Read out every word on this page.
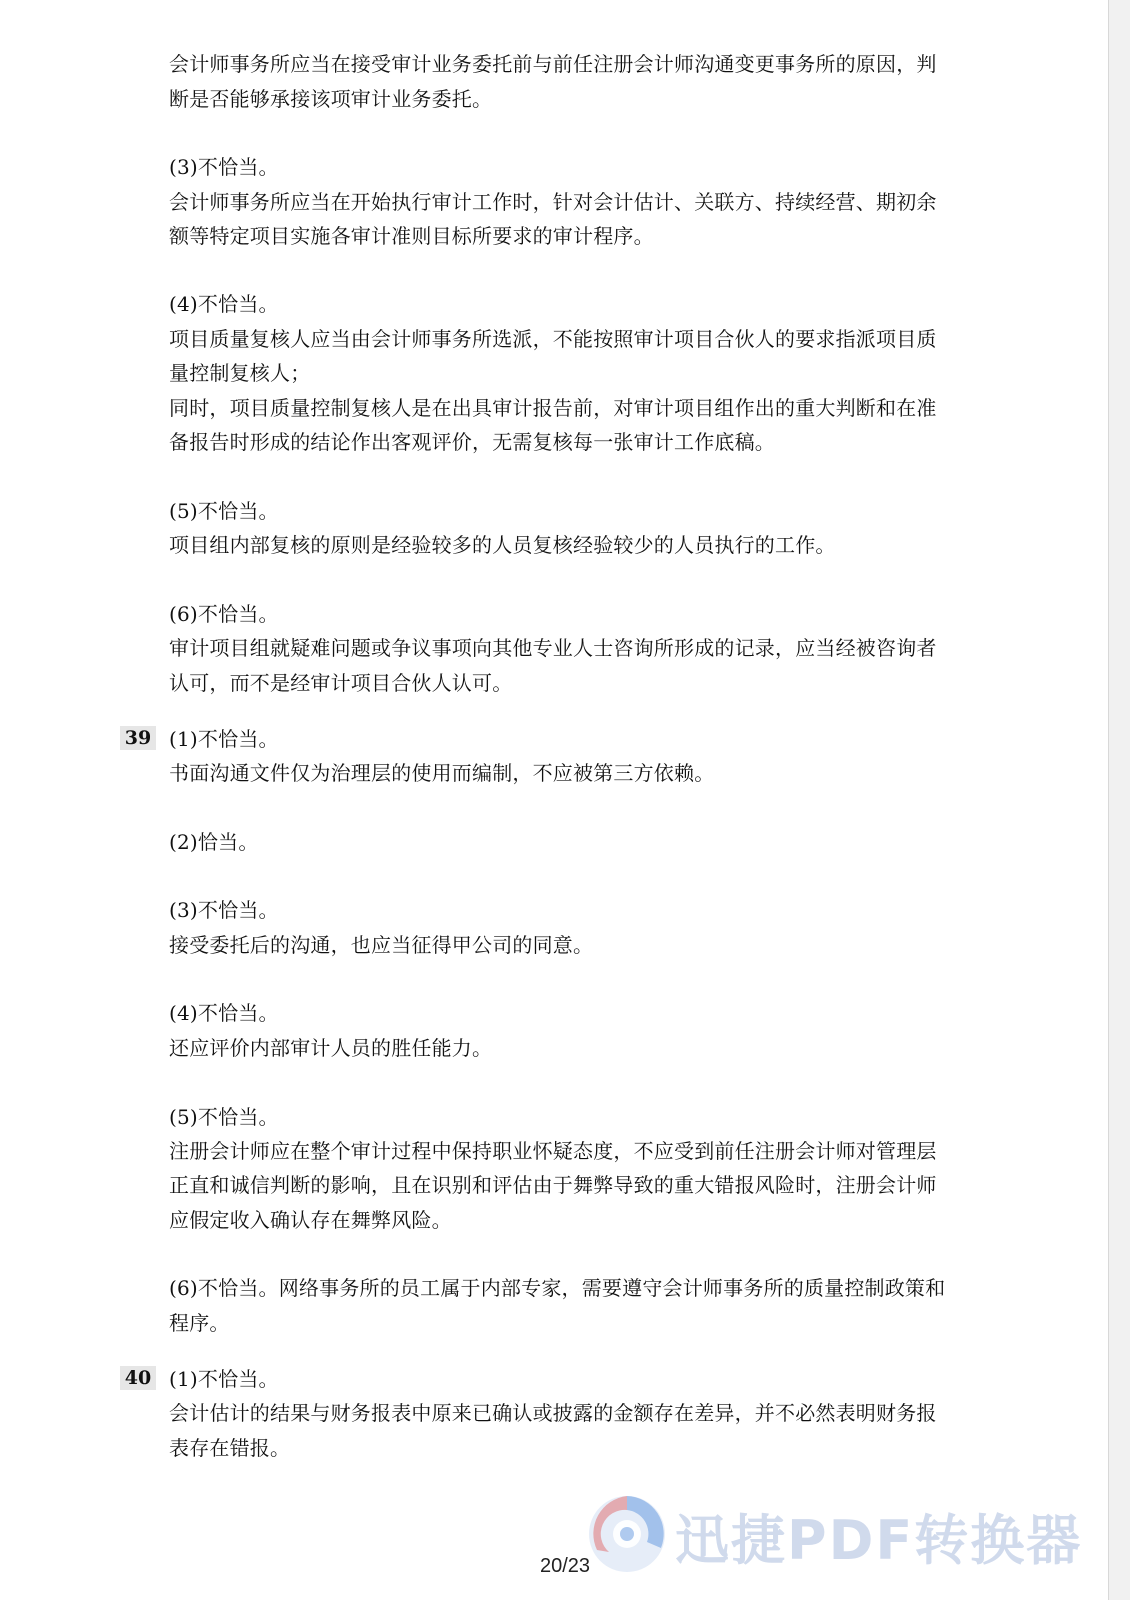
会计师事务所应当在接受审计业务委托前与前任注册会计师沟通变更事务所的原因，判
断是否能够承接该项审计业务委托。
(3)不恰当。
会计师事务所应当在开始执行审计工作时，针对会计估计、关联方、持续经营、期初余
额等特定项目实施各审计准则目标所要求的审计程序。
(4)不恰当。
项目质量复核人应当由会计师事务所选派，不能按照审计项目合伙人的要求指派项目质
量控制复核人；
同时，项目质量控制复核人是在出具审计报告前，对审计项目组作出的重大判断和在准
备报告时形成的结论作出客观评价，无需复核每一张审计工作底稿。
(5)不恰当。
项目组内部复核的原则是经验较多的人员复核经验较少的人员执行的工作。
(6)不恰当。
审计项目组就疑难问题或争议事项向其他专业人士咨询所形成的记录，应当经被咨询者
认可，而不是经审计项目合伙人认可。
39 (1)不恰当。
书面沟通文件仅为治理层的使用而编制，不应被第三方依赖。
(2)恰当。
(3)不恰当。
接受委托后的沟通，也应当征得甲公司的同意。
(4)不恰当。
还应评价内部审计人员的胜任能力。
(5)不恰当。
注册会计师应在整个审计过程中保持职业怀疑态度，不应受到前任注册会计师对管理层
正直和诚信判断的影响，且在识别和评估由于舞弊导致的重大错报风险时，注册会计师
应假定收入确认存在舞弊风险。
(6)不恰当。网络事务所的员工属于内部专家，需要遵守会计师事务所的质量控制政策和
程序。
40 (1)不恰当。
会计估计的结果与财务报表中原来已确认或披露的金额存在差异，并不必然表明财务报
表存在错报。
迅捷PDF转换器
20/23
